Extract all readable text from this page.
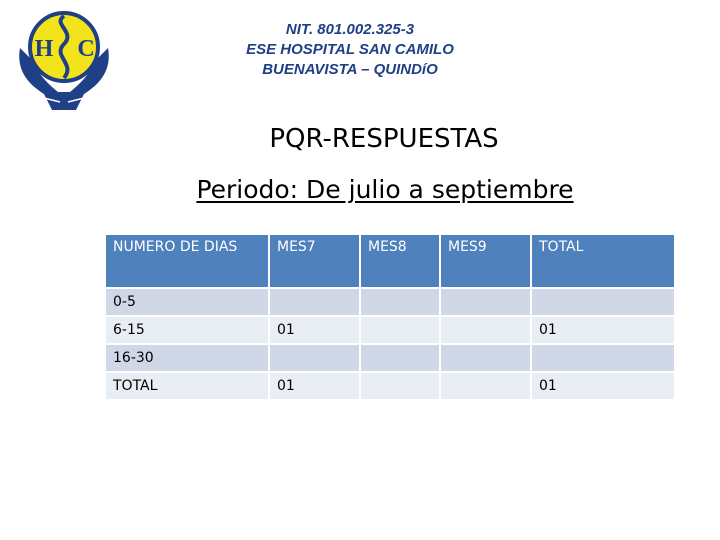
H C
NIT. 801.002.325-3
ESE HOSPITAL SAN CAMILO
BUENAVISTA – QUINDíO
PQR-RESPUESTAS
Periodo: De julio a septiembre
NUMERO DE DIAS	MES7	MES8	MES9	TOTAL
0-5				
6-15	01			01
16-30				
TOTAL	01			01
